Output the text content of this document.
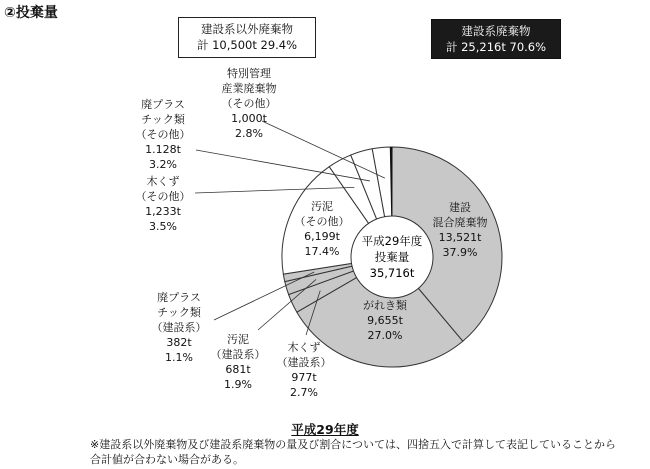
②投棄量
建設系以外廃棄物
計 10,500t 29.4%
建設系廃棄物
計 25,216t 70.6%
平成29年度
投棄量
35,716t
建設
混合廃棄物
13,521t
37.9%
がれき類
9,655t
27.0%
汚泥
（その他）
6,199t
17.4%
木くず
（建設系）
977t
2.7%
汚泥
（建設系）
681t
1.9%
廃プラス
チック類
（建設系）
382t
1.1%
木くず
（その他）
1,233t
3.5%
廃プラス
チック類
（その他）
1.128t
3.2%
特別管理
産業廃棄物
（その他）
1,000t
2.8%
平成29年度
※建設系以外廃棄物及び建設系廃棄物の量及び割合については、四捨五入で計算して表記していることから
合計値が合わない場合がある。
